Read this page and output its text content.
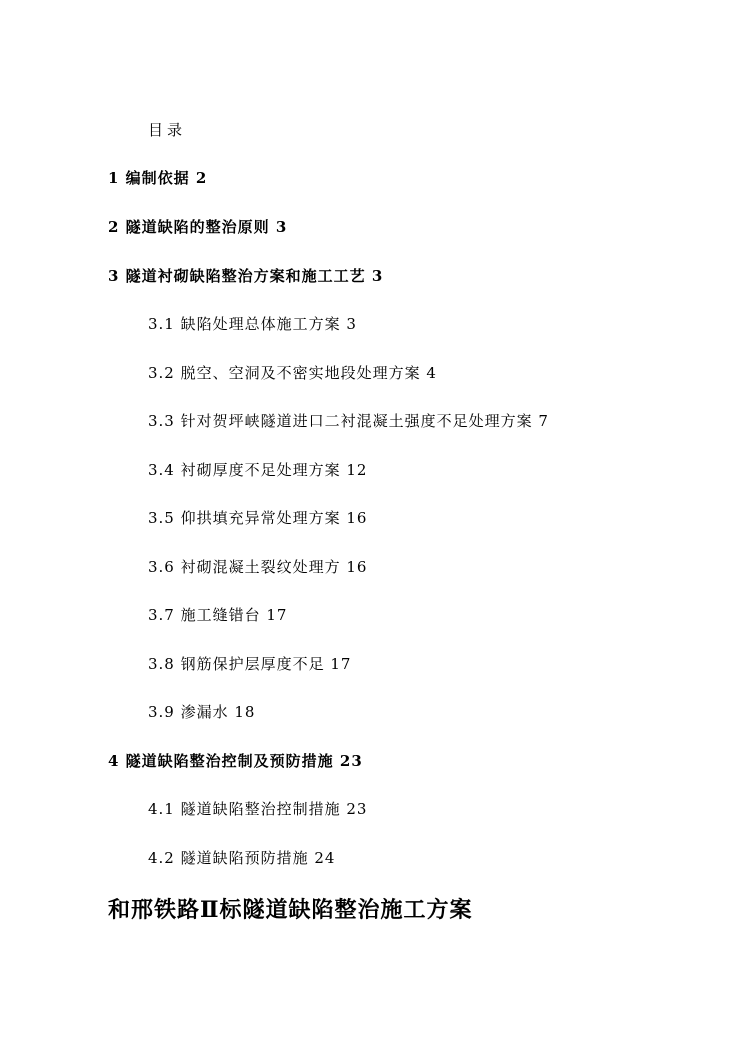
目录
1 编制依据 2
2 隧道缺陷的整治原则 3
3 隧道衬砌缺陷整治方案和施工工艺 3
3.1 缺陷处理总体施工方案 3
3.2 脱空、空洞及不密实地段处理方案 4
3.3 针对贺坪峡隧道进口二衬混凝土强度不足处理方案 7
3.4 衬砌厚度不足处理方案 12
3.5 仰拱填充异常处理方案 16
3.6 衬砌混凝土裂纹处理方 16
3.7 施工缝错台 17
3.8 钢筋保护层厚度不足 17
3.9 渗漏水 18
4 隧道缺陷整治控制及预防措施 23
4.1 隧道缺陷整治控制措施 23
4.2 隧道缺陷预防措施 24
和邢铁路Ⅱ标隧道缺陷整治施工方案
